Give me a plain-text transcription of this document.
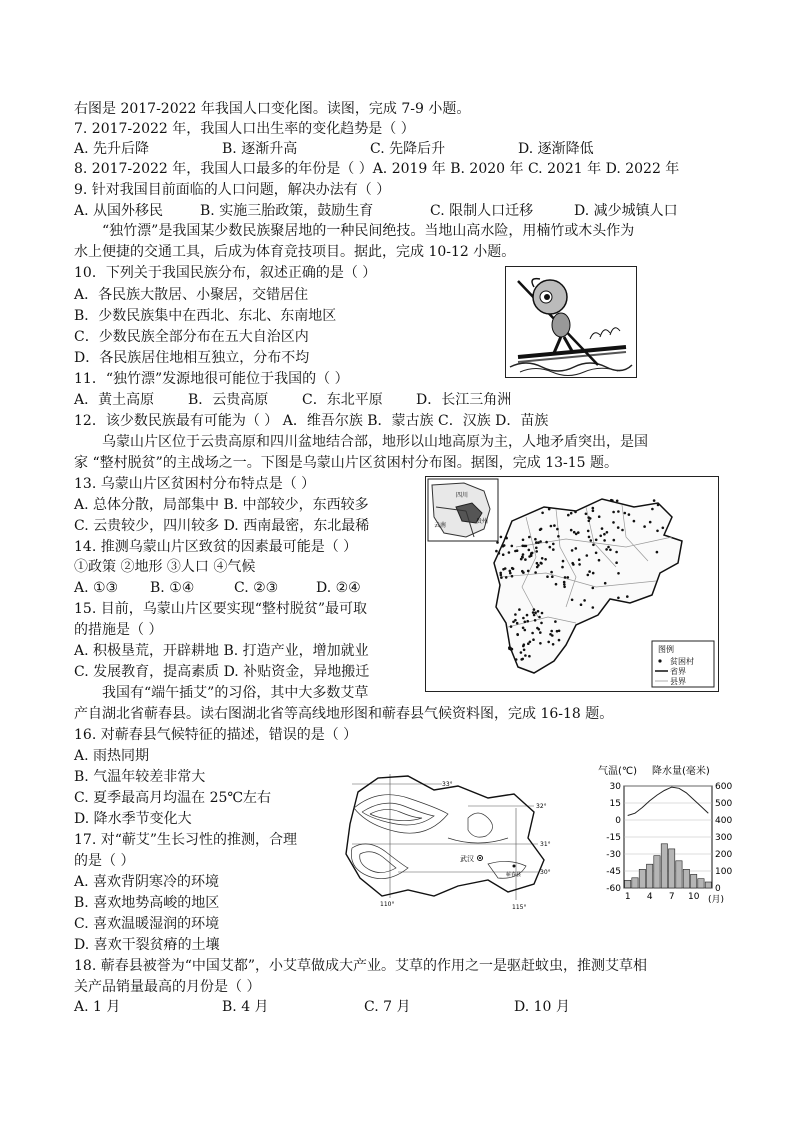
右图是 2017-2022 年我国人口变化图。读图，完成 7-9 小题。
7. 2017-2022 年，我国人口出生率的变化趋势是（ ）
A. 先升后降	B. 逐渐升高	C. 先降后升	D. 逐渐降低
8. 2017-2022 年，我国人口最多的年份是（ ）A. 2019 年 B. 2020 年 C. 2021 年 D. 2022 年
9. 针对我国目前面临的人口问题，解决办法有（ ）
A. 从国外移民	B. 实施三胎政策，鼓励生育	C. 限制人口迁移	D. 减少城镇人口
“独竹漂”是我国某少数民族聚居地的一种民间绝技。当地山高水险，用楠竹或木头作为
水上便捷的交通工具，后成为体育竞技项目。据此，完成 10-12 小题。
10．下列关于我国民族分布，叙述正确的是（ ）
A．各民族大散居、小聚居，交错居住
B．少数民族集中在西北、东北、东南地区
C．少数民族全部分布在五大自治区内
D．各民族居住地相互独立，分布不均
11．“独竹漂”发源地很可能位于我国的（ ）
A．黄土高原 B．云贵高原 C．东北平原 D．长江三角洲
12．该少数民族最有可能为（ ） A．维吾尔族 B．蒙古族 C．汉族 D．苗族
乌蒙山片区位于云贵高原和四川盆地结合部，地形以山地高原为主，人地矛盾突出，是国
家 “整村脱贫”的主战场之一。下图是乌蒙山片区贫困村分布图。据图，完成 13-15 题。
13. 乌蒙山片区贫困村分布特点是（ ）
A. 总体分散，局部集中 B. 中部较少，东西较多
C. 云贵较少，四川较多 D. 西南最密，东北最稀
14. 推测乌蒙山片区致贫的因素最可能是（ ）
①政策 ②地形 ③人口 ④气候
A. ①③ B. ①④	C. ②③	D. ②④
15. 目前，乌蒙山片区要实现“整村脱贫”最可取
的措施是（ ）
A. 积极垦荒，开辟耕地 B. 打造产业，增加就业
C. 发展教育，提高素质 D. 补贴资金，异地搬迁
我国有“端午插艾”的习俗，其中大多数艾草
产自湖北省蕲春县。读右图湖北省等高线地形图和蕲春县气候资料图，完成 16-18 题。
16. 对蕲春县气候特征的描述，错误的是（ ）
A. 雨热同期
B. 气温年较差非常大
C. 夏季最高月均温在 25℃左右
D. 降水季节变化大
17. 对“蕲艾”生长习性的推测，合理
的是（ ）
A. 喜欢背阴寒冷的环境
B. 喜欢地势高峻的地区
C. 喜欢温暖湿润的环境
D. 喜欢干裂贫瘠的土壤
18. 蕲春县被誉为“中国艾都”，小艾草做成大产业。艾草的作用之一是驱赶蚊虫，推测艾草相
关产品销量最高的月份是（ ）
A. 1 月	B. 4 月	C. 7 月	D. 10 月
四川
云南
贵州
图例
贫困村
省界
县界
33°
32°
31°
30°
110°	115°
武汉
蕲春县
气温(℃) 降水量(毫米)
30
15
0
-15
-30
-45
-60
600
500
400
300
200
100
0
1 4 7 10 (月)
